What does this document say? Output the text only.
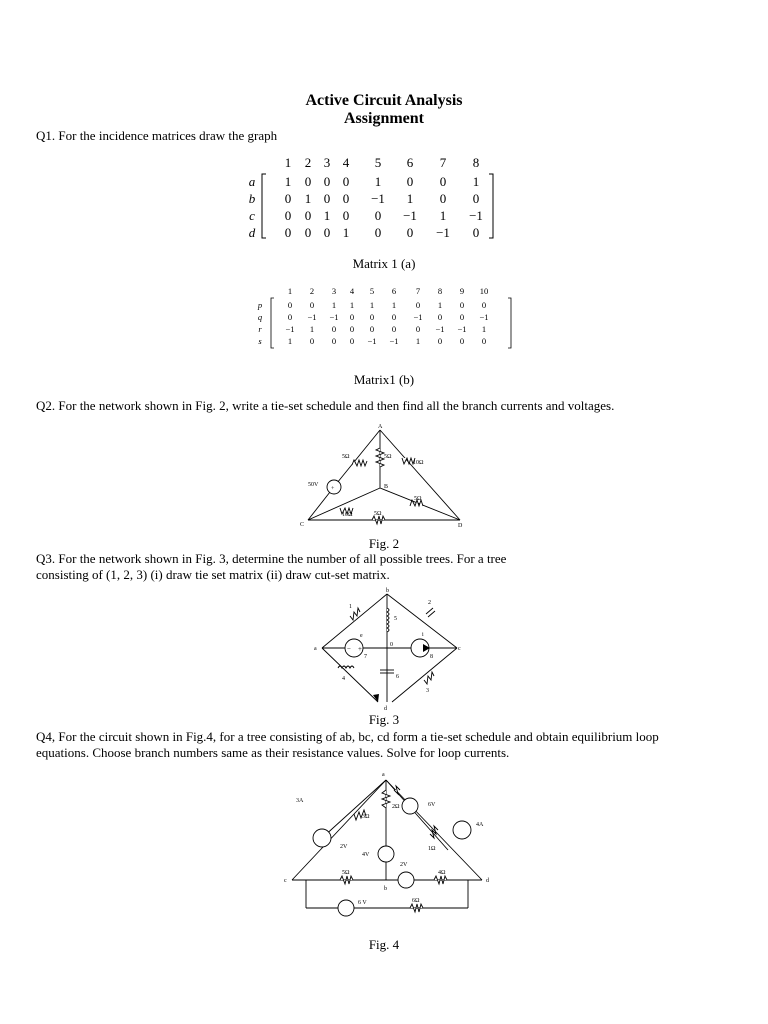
Active Circuit Analysis
Assignment
Q1. For the incidence matrices draw the graph
1 2 3 4 5 6 7 8
a 1 0 0 0 1 0 0 1
b 0 1 0 0 −1 1 0 0
c 0 0 1 0 0 −1 1 −1
d 0 0 0 1 0 0 −1 0
Matrix 1 (a)
1 2 3 4 5 6 7 8 9 10
p	0 0 1 1 1 1 0 1 0 0
q	0 −1 −1 0 0 0 −1 0 0 −1
r	−1 1 0 0 0 0 0 −1 −1 1
s	1 0 0 0 −1 −1 1 0 0 0
Matrix1 (b)
Q2. For the network shown in Fig. 2, write a tie-set schedule and then find all the branch currents and voltages.
+
A
B
C	D
50V
5Ω	5Ω
10Ω
5Ω
10Ω	5Ω
Fig. 2
Q3. For the network shown in Fig. 3, determine the number of all possible trees. For a tree
consisting of (1, 2, 3) (i) draw tie set matrix (ii) draw cut-set matrix.
− +
b
a	c
d
0
e	i
1
2
3
4
5
6
7	8
Fig. 3
Q4, For the circuit shown in Fig.4, for a tree consisting of ab, bc, cd form a tie-set schedule and obtain equilibrium loop
equations. Choose branch numbers same as their resistance values. Solve for loop currents.
a
b
c	d
3A
4A
3Ω
2Ω
1Ω
5Ω	4Ω
6Ω
6V
2V
4V
2V
6 V
Fig. 4
